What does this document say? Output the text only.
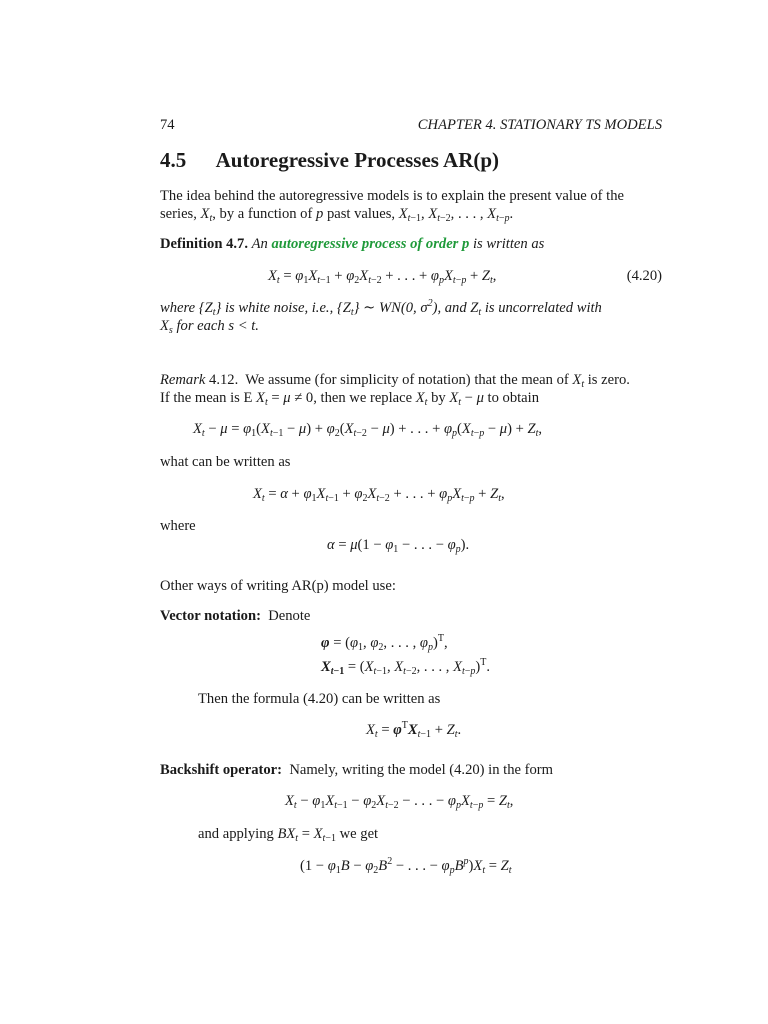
74	CHAPTER 4. STATIONARY TS MODELS
4.5 Autoregressive Processes AR(p)
The idea behind the autoregressive models is to explain the present value of the
series, $X_t$, by a function of p past values, $X_{t-1}$, $X_{t-2}$, . . . , $X_{t-p}$.
Definition 4.7. An autoregressive process of order p is written as
$X_t = \varphi_1X_{t-1} + \varphi_2X_{t-2}$ + . . . + $\varphi_pX_{t-p} + Z_t$,	(4.20)
where $\{Z_t\}$ is white noise, i.e., $\{Z_t\}$ ∼ WN(0, $\sigma^2$), and $Z_t$ is uncorrelated with
$X_s$ for each s < t.
Remark 4.12. We assume (for simplicity of notation) that the mean of $X_t$ is zero.
If the mean is E $X_t = \mu \ne 0$, then we replace $X_t$ by $X_t - \mu$ to obtain
$X_t - \mu = \varphi_1(X_{t-1} - \mu) + \varphi_2(X_{t-2} - \mu)$ + . . . + $\varphi_p(X_{t-p} - \mu) + Z_t$,
what can be written as
$X_t = \alpha + \varphi_1X_{t-1} + \varphi_2X_{t-2}$ + . . . + $\varphi_pX_{t-p} + Z_t$,
where
$\alpha = \mu(1 - \varphi_1$ − . . . − $\varphi_p$).
Other ways of writing AR(p) model use:
Vector notation: Denote
$\varphi = (\varphi_1$, $\varphi_2$, . . . , $\varphi_p)^T$,
$X_{t-1} = (X_{t-1}$, $X_{t-2}$, . . . , $X_{t-p})^T$.
Then the formula (4.20) can be written as
$X_t = \varphi^TX_{t-1} + Z_t$.
Backshift operator: Namely, writing the model (4.20) in the form
$X_t - \varphi_1X_{t-1} - \varphi_2X_{t-2}$ − . . . − $\varphi_pX_{t-p} = Z_t$,
and applying $BX_t = X_{t-1}$ we get
($1 - \varphi_1B - \varphi_2B^2$ − . . . − $\varphi_pB^p)X_t = Z_t$
